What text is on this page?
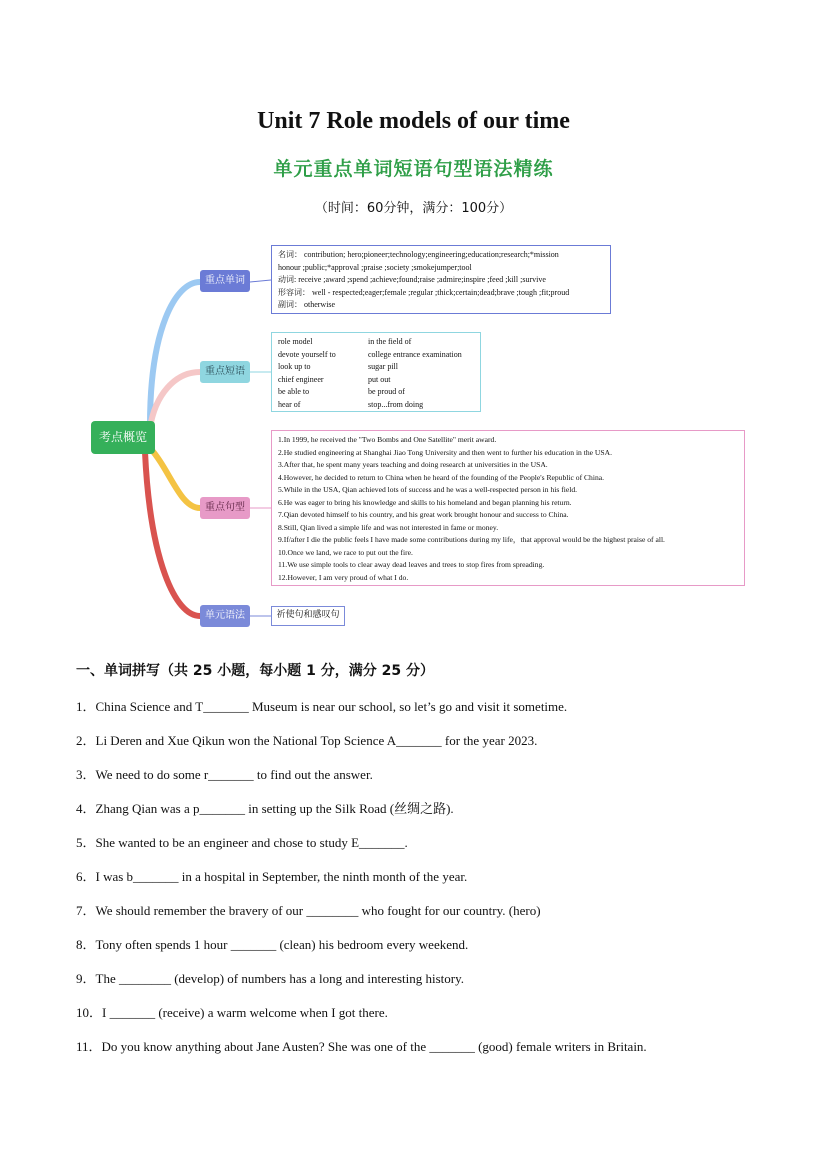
Unit 7 Role models of our time
单元重点单词短语句型语法精练
（时间：60分钟，满分：100分）
考点概览
重点单词
重点短语
重点句型
单元语法
名词： contribution; hero;pioneer;technology;engineering;education;research;*mission
honour ;public;*approval ;praise ;society ;smokejumper;tool
动词: receive ;award ;spend ;achieve;found;raise ;admire;inspire ;feed ;kill ;survive
形容词： well - respected;eager;female ;regular ;thick;certain;dead;brave ;tough ;fit;proud
副词： otherwise
role model	in the field of
devote yourself to	college entrance examination
look up to	sugar pill
chief engineer	put out
be able to	be proud of
hear of	stop...from doing
1.In 1999, he received the "Two Bombs and One Satellite" merit award.
2.He studied engineering at Shanghai Jiao Tong University and then went to further his education in the USA.
3.After that, he spent many years teaching and doing research at universities in the USA.
4.However, he decided to return to China when he heard of the founding of the People's Republic of China.
5.While in the USA, Qian achieved lots of success and he was a well-respected person in his field.
6.He was eager to bring his knowledge and skills to his homeland and began planning his return.
7.Qian devoted himself to his country, and his great work brought honour and success to China.
8.Still, Qian lived a simple life and was not interested in fame or money.
9.If/after I die the public feels I have made some contributions during my life，that approval would be the highest praise of all.
10.Once we land, we race to put out the fire.
11.We use simple tools to clear away dead leaves and trees to stop fires from spreading.
12.However, I am very proud of what I do.
祈使句和感叹句
一、单词拼写（共 25 小题，每小题 1 分，满分 25 分）
1．China Science and T_______ Museum is near our school, so let’s go and visit it sometime.
2．Li Deren and Xue Qikun won the National Top Science A_______ for the year 2023.
3．We need to do some r_______ to find out the answer.
4．Zhang Qian was a p_______ in setting up the Silk Road (丝绸之路).
5．She wanted to be an engineer and chose to study E_______.
6．I was b_______ in a hospital in September, the ninth month of the year.
7．We should remember the bravery of our ________ who fought for our country. (hero)
8．Tony often spends 1 hour _______ (clean) his bedroom every weekend.
9．The ________ (develop) of numbers has a long and interesting history.
10．I _______ (receive) a warm welcome when I got there.
11．Do you know anything about Jane Austen? She was one of the _______ (good) female writers in Britain.
